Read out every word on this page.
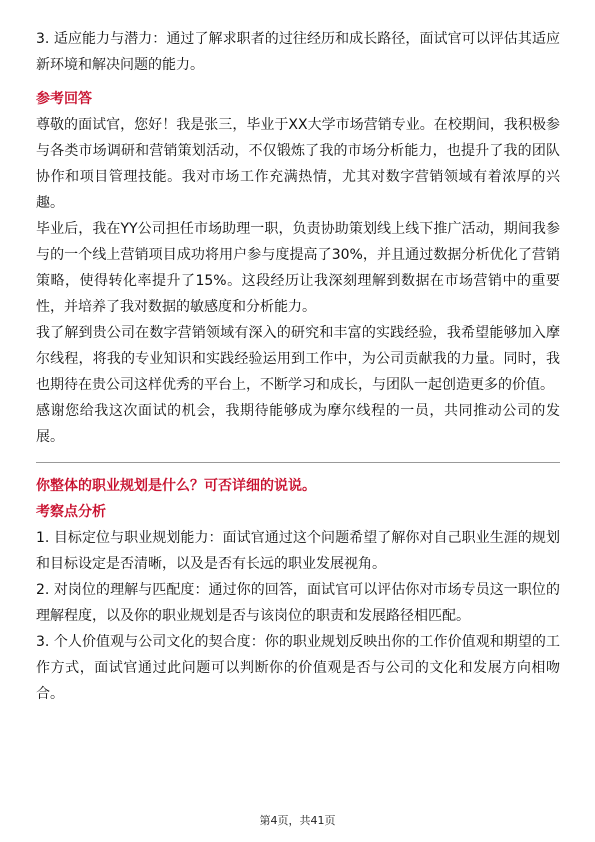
3. 适应能力与潜力：通过了解求职者的过往经历和成长路径，面试官可以评估其适应新环境和解决问题的能力。

参考回答

尊敬的面试官，您好！我是张三，毕业于XX大学市场营销专业。在校期间，我积极参与各类市场调研和营销策划活动，不仅锻炼了我的市场分析能力，也提升了我的团队协作和项目管理技能。我对市场工作充满热情，尤其对数字营销领域有着浓厚的兴趣。

毕业后，我在YY公司担任市场助理一职，负责协助策划线上线下推广活动，期间我参与的一个线上营销项目成功将用户参与度提高了30%，并且通过数据分析优化了营销策略，使得转化率提升了15%。这段经历让我深刻理解到数据在市场营销中的重要性，并培养了我对数据的敏感度和分析能力。

我了解到贵公司在数字营销领域有深入的研究和丰富的实践经验，我希望能够加入摩尔线程，将我的专业知识和实践经验运用到工作中，为公司贡献我的力量。同时，我也期待在贵公司这样优秀的平台上，不断学习和成长，与团队一起创造更多的价值。

感谢您给我这次面试的机会，我期待能够成为摩尔线程的一员，共同推动公司的发展。

你整体的职业规划是什么？可否详细的说说。

考察点分析

1. 目标定位与职业规划能力：面试官通过这个问题希望了解你对自己职业生涯的规划和目标设定是否清晰，以及是否有长远的职业发展视角。

2. 对岗位的理解与匹配度：通过你的回答，面试官可以评估你对市场专员这一职位的理解程度，以及你的职业规划是否与该岗位的职责和发展路径相匹配。

3. 个人价值观与公司文化的契合度：你的职业规划反映出你的工作价值观和期望的工作方式，面试官通过此问题可以判断你的价值观是否与公司的文化和发展方向相吻合。

第4页，共41页
